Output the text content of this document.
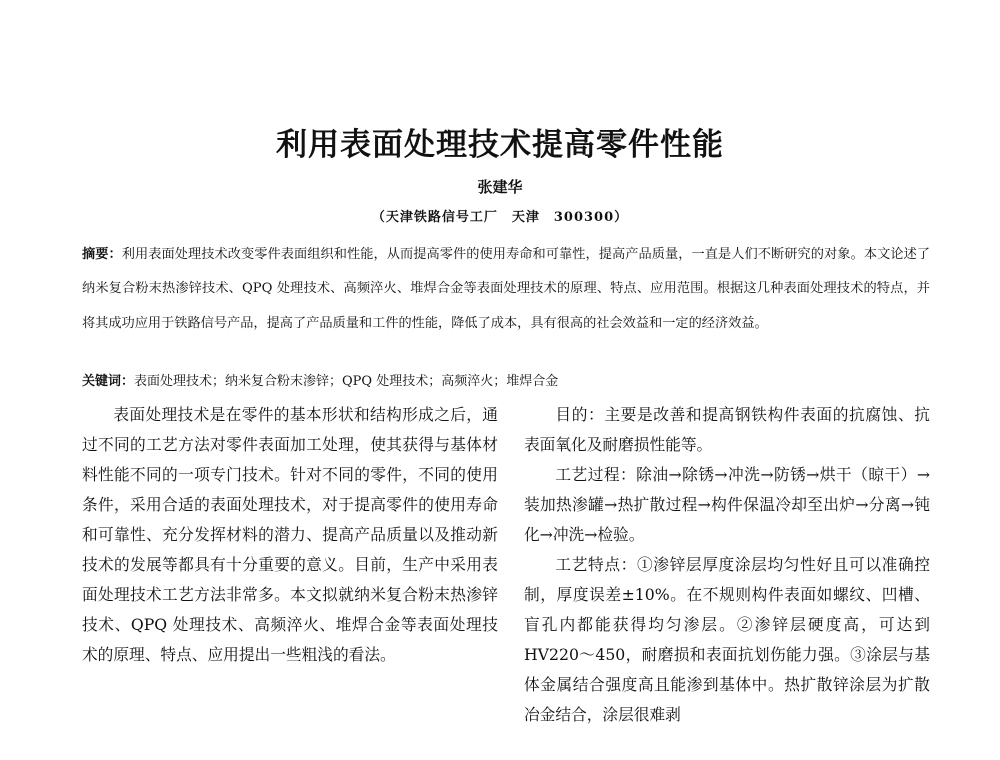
利用表面处理技术提高零件性能
张建华
（天津铁路信号工厂　天津　300300）
摘要：利用表面处理技术改变零件表面组织和性能，从而提高零件的使用寿命和可靠性，提高产品质量，一直是人们不断研究的对象。本文论述了纳米复合粉末热渗锌技术、QPQ 处理技术、高频淬火、堆焊合金等表面处理技术的原理、特点、应用范围。根据这几种表面处理技术的特点，并将其成功应用于铁路信号产品，提高了产品质量和工件的性能，降低了成本，具有很高的社会效益和一定的经济效益。
关键词：表面处理技术；纳米复合粉末渗锌；QPQ 处理技术；高频淬火；堆焊合金

表面处理技术是在零件的基本形状和结构形成之后，通过不同的工艺方法对零件表面加工处理，使其获得与基体材料性能不同的一项专门技术。针对不同的零件，不同的使用条件，采用合适的表面处理技术，对于提高零件的使用寿命和可靠性、充分发挥材料的潜力、提高产品质量以及推动新技术的发展等都具有十分重要的意义。目前，生产中采用表面处理技术工艺方法非常多。本文拟就纳米复合粉末热渗锌技术、QPQ 处理技术、高频淬火、堆焊合金等表面处理技术的原理、特点、应用提出一些粗浅的看法。

目的：主要是改善和提高钢铁构件表面的抗腐蚀、抗表面氧化及耐磨损性能等。

工艺过程：除油→除锈→冲洗→防锈→烘干（晾干）→装加热渗罐→热扩散过程→构件保温冷却至出炉→分离→钝化→冲洗→检验。

工艺特点：①渗锌层厚度涂层均匀性好且可以准确控制，厚度误差±10%。在不规则构件表面如螺纹、凹槽、盲孔内都能获得均匀渗层。②渗锌层硬度高，可达到 HV220～450，耐磨损和表面抗划伤能力强。③涂层与基体金属结合强度高且能渗到基体中。热扩散锌涂层为扩散冶金结合，涂层很难剥
